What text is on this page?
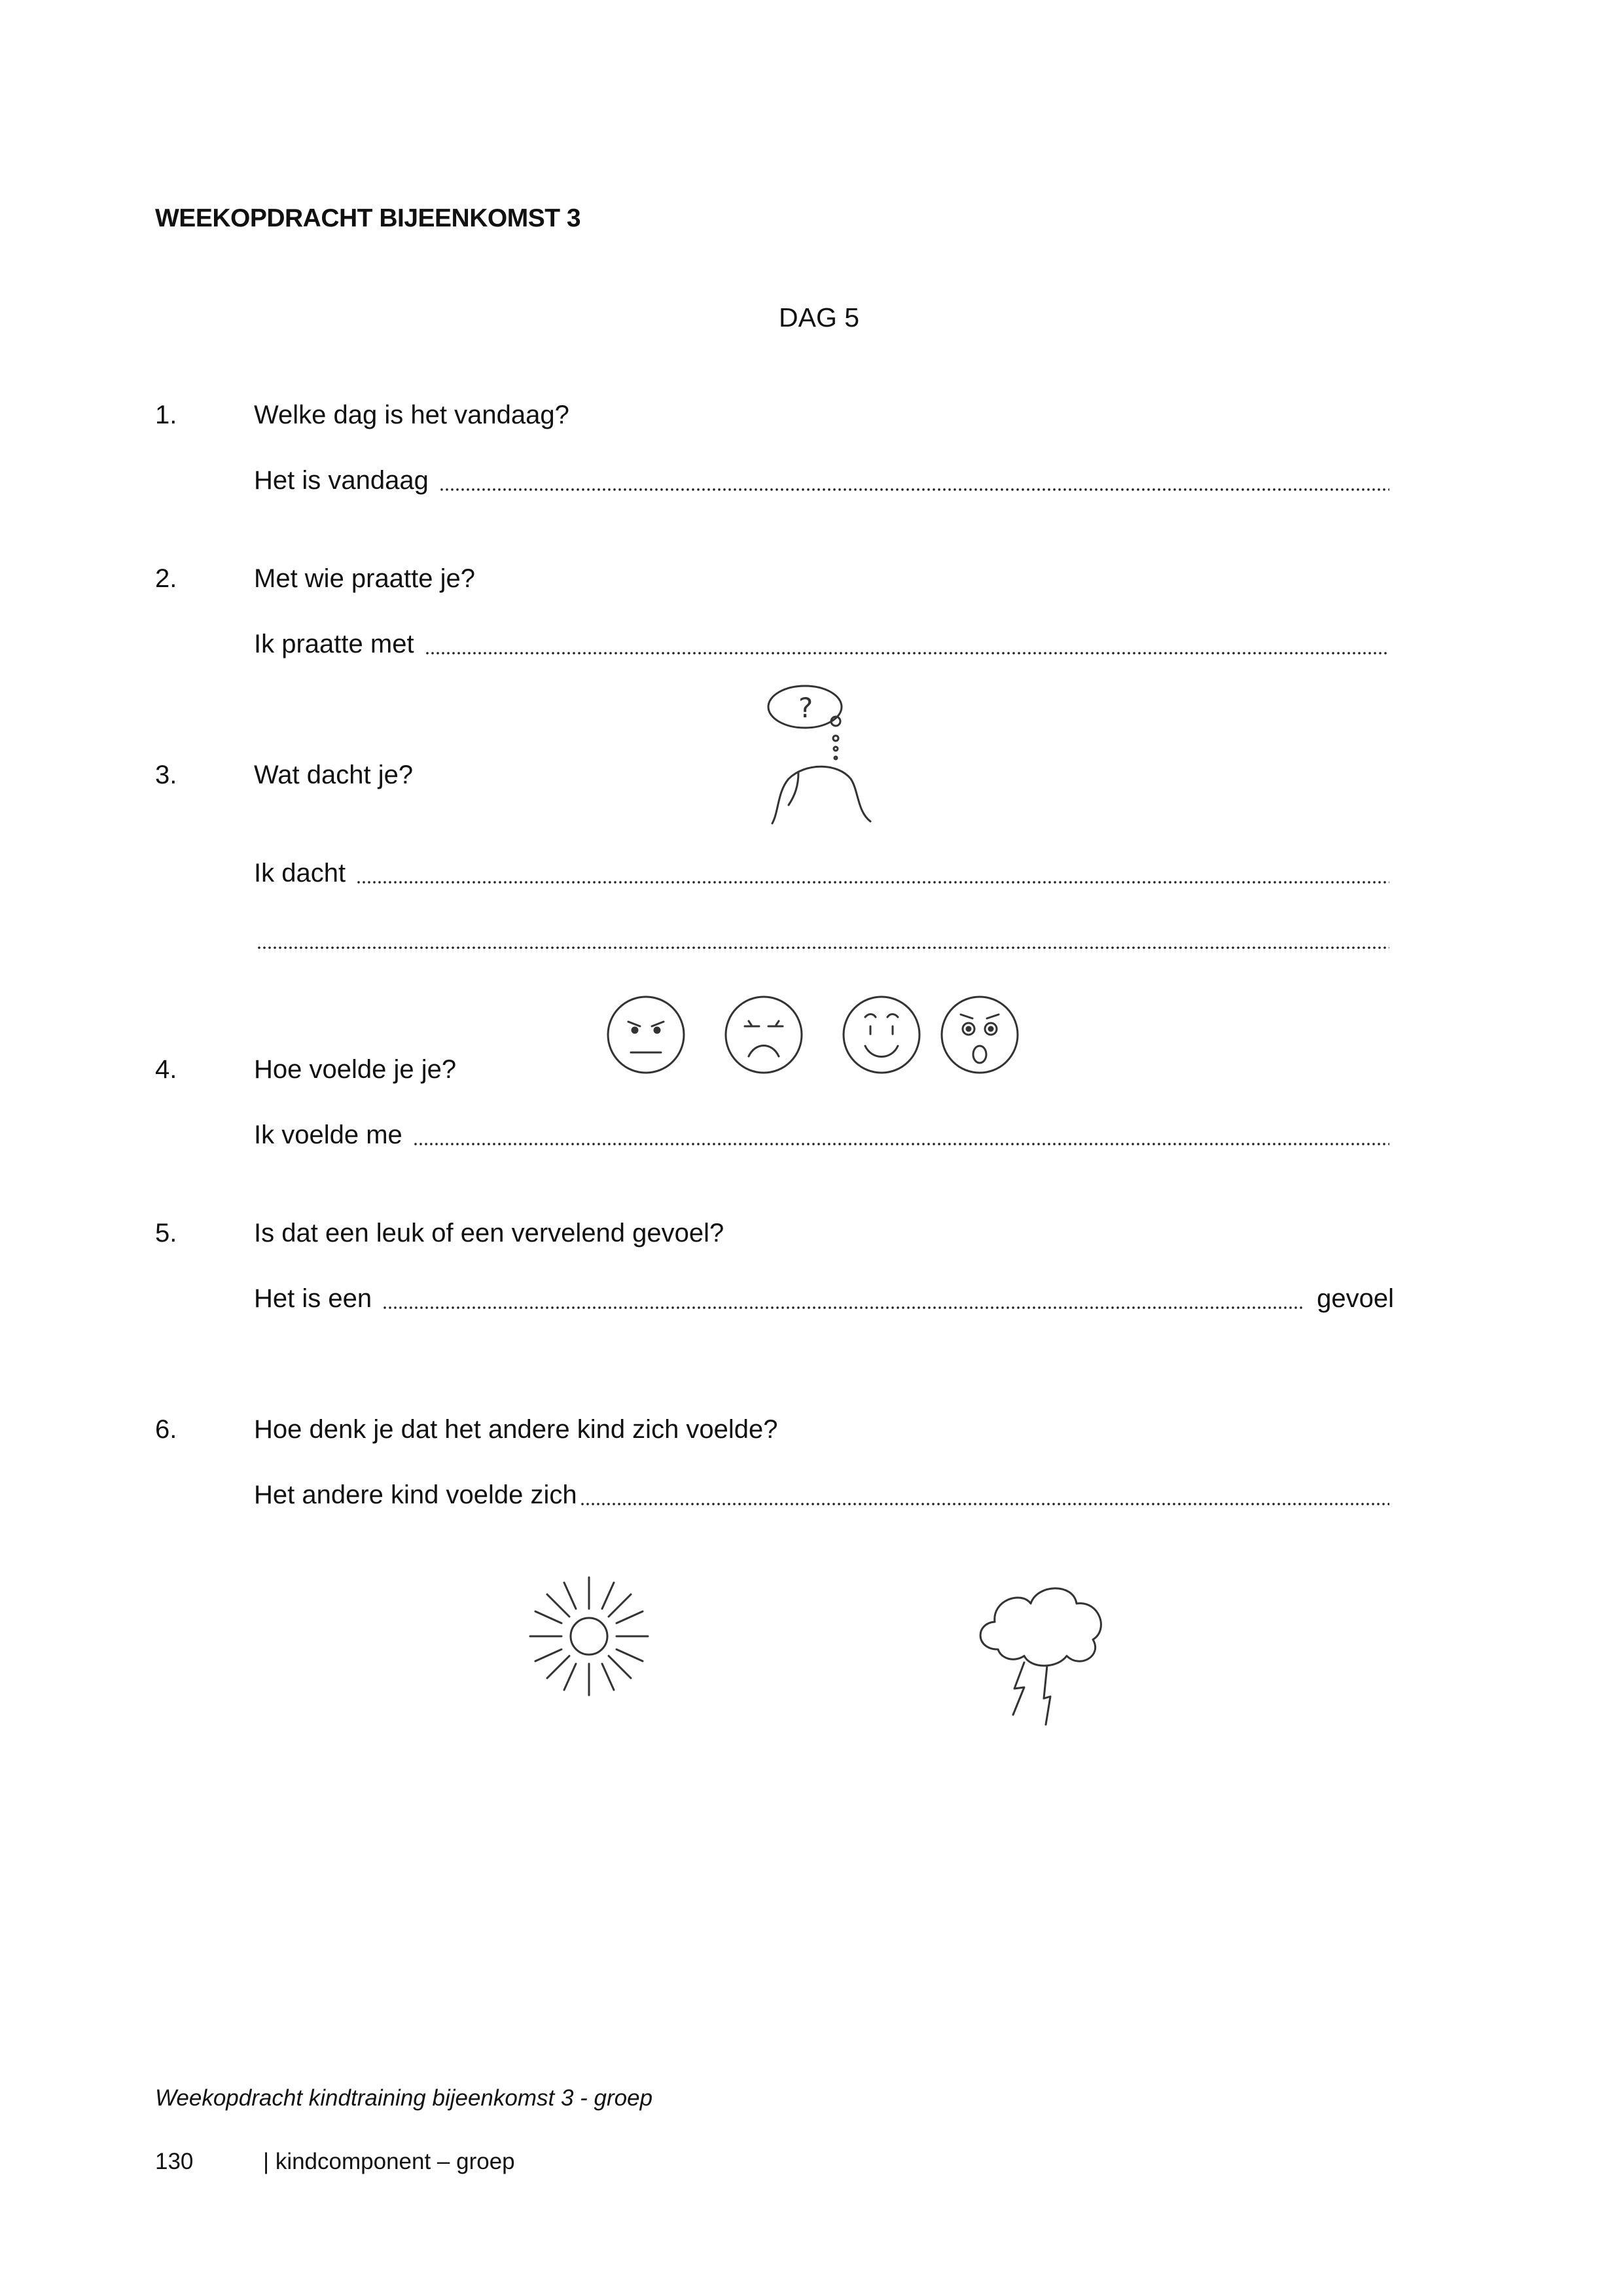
WEEKOPDRACHT BIJEENKOMST 3
DAG 5
1.	Welke dag is het vandaag?
Het is vandaag
2.	Met wie praatte je?
Ik praatte met
?
3.	Wat dacht je?
Ik dacht
4.	Hoe voelde je je?
Ik voelde me
5.	Is dat een leuk of een vervelend gevoel?
Het is een	gevoel
6.	Hoe denk je dat het andere kind zich voelde?
Het andere kind voelde zich
Weekopdracht kindtraining bijeenkomst 3 - groep
130	| kindcomponent – groep
